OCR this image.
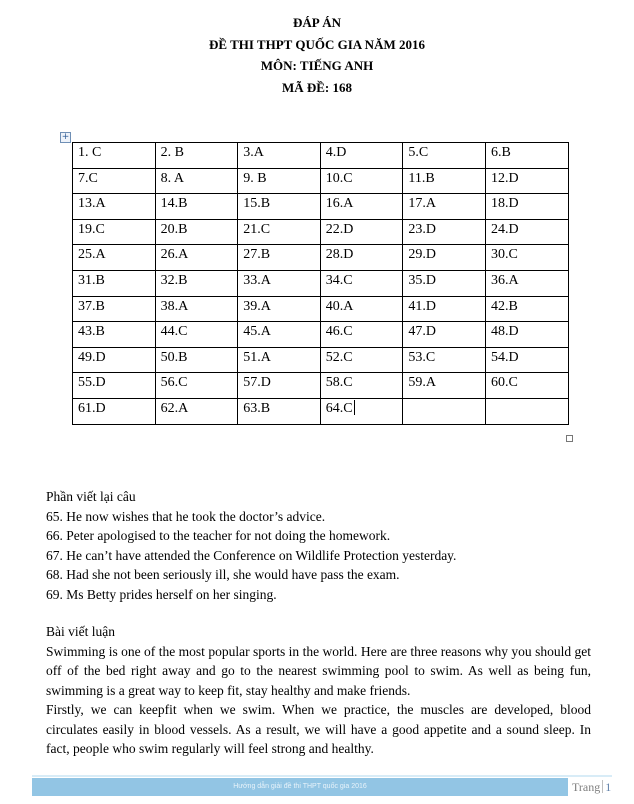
ĐÁP ÁN
ĐỀ THI THPT QUỐC GIA NĂM 2016
MÔN: TIẾNG ANH
MÃ ĐỀ: 168
+
1. C	2. B	3.A	4.D	5.C	6.B
7.C	8. A	9. B	10.C	11.B	12.D
13.A	14.B	15.B	16.A	17.A	18.D
19.C	20.B	21.C	22.D	23.D	24.D
25.A	26.A	27.B	28.D	29.D	30.C
31.B	32.B	33.A	34.C	35.D	36.A
37.B	38.A	39.A	40.A	41.D	42.B
43.B	44.C	45.A	46.C	47.D	48.D
49.D	50.B	51.A	52.C	53.C	54.D
55.D	56.C	57.D	58.C	59.A	60.C
61.D	62.A	63.B	64.C		

Phần viết lại câu

65. He now wishes that he took the doctor’s advice.

66. Peter apologised to the teacher for not doing the homework.

67. He can’t have attended the Conference on Wildlife Protection yesterday.

68. Had she not been seriously ill, she would have pass the exam.

69. Ms Betty prides herself on her singing.

Bài viết luận

Swimming is one of the most popular sports in the world. Here are three reasons why you should get off of the bed right away and go to the nearest swimming pool to swim. As well as being fun, swimming is a great way to keep fit, stay healthy and make friends.

Firstly, we can keepfit when we swim. When we practice, the muscles are developed, blood circulates easily in blood vessels. As a result, we will have a good appetite and a sound sleep. In fact, people who swim regularly will feel strong and healthy.

Hướng dẫn giải đề thi THPT quốc gia 2016	Trang 1
